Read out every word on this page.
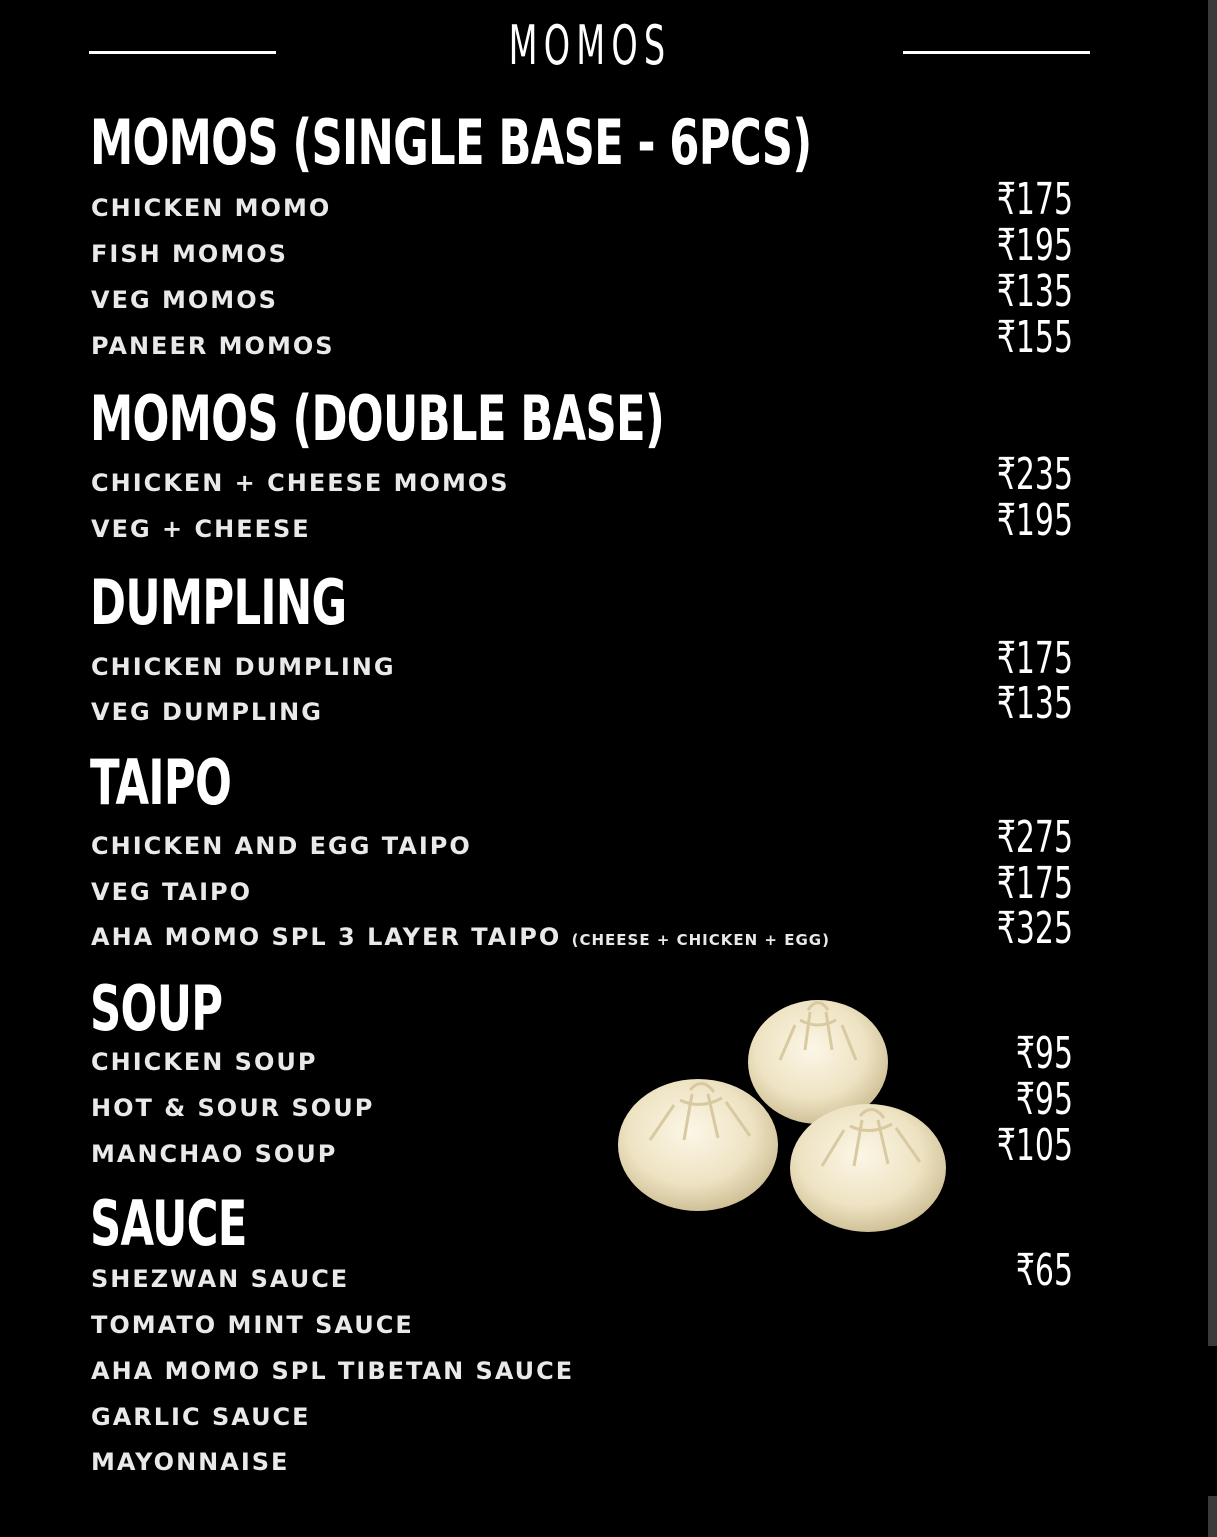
MOMOS
MOMOS (SINGLE BASE - 6PCS)
CHICKEN MOMO	₹175
FISH MOMOS	₹195
VEG MOMOS	₹135
PANEER MOMOS	₹155
MOMOS (DOUBLE BASE)
CHICKEN + CHEESE MOMOS	₹235
VEG + CHEESE	₹195
DUMPLING
CHICKEN DUMPLING	₹175
VEG DUMPLING	₹135
TAIPO
CHICKEN AND EGG TAIPO	₹275
VEG TAIPO	₹175
AHA MOMO SPL 3 LAYER TAIPO (CHEESE + CHICKEN + EGG)	₹325
SOUP
CHICKEN SOUP	₹95
HOT & SOUR SOUP	₹95
MANCHAO SOUP	₹105
SAUCE
SHEZWAN SAUCE	₹65
TOMATO MINT SAUCE
AHA MOMO SPL TIBETAN SAUCE
GARLIC SAUCE
MAYONNAISE
